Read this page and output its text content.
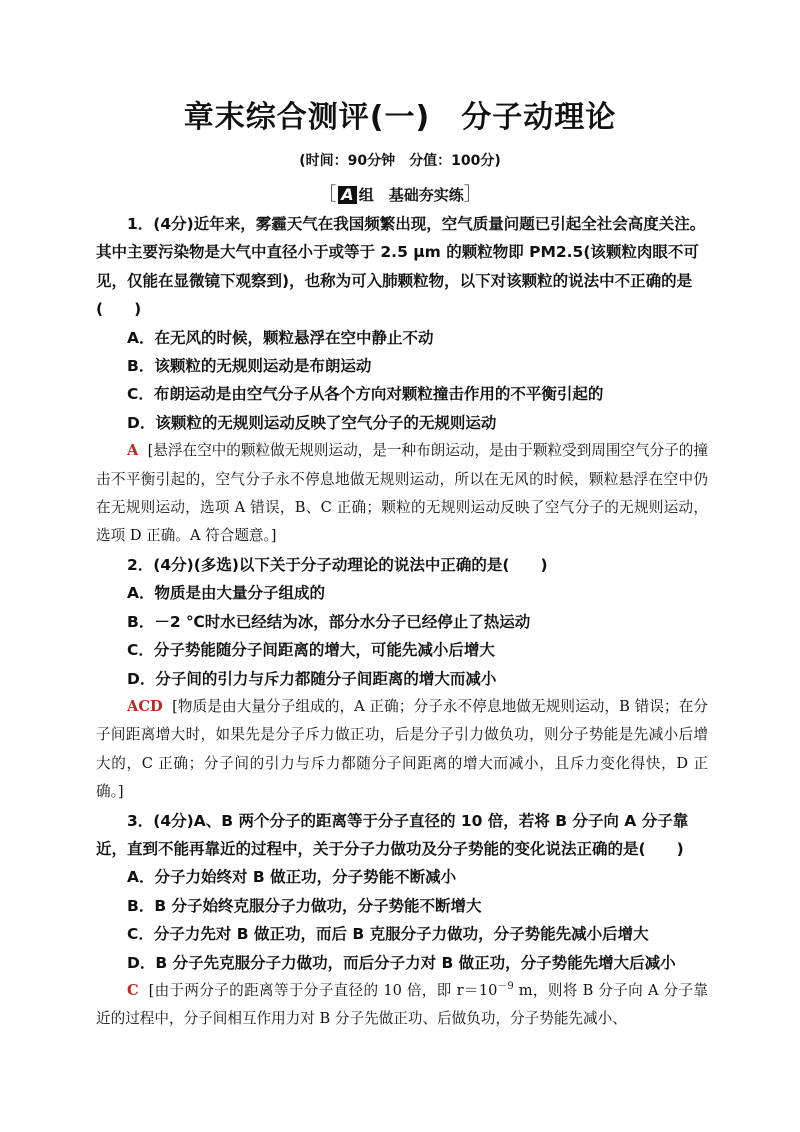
章末综合测评(一)　分子动理论
(时间：90分钟　分值：100分)
［ A 组　基础夯实练］

1．(4分)近年来，雾霾天气在我国频繁出现，空气质量问题已引起全社会高度关注。其中主要污染物是大气中直径小于或等于 2.5 μm 的颗粒物即 PM2.5(该颗粒肉眼不可见，仅能在显微镜下观察到)，也称为可入肺颗粒物，以下对该颗粒的说法中不正确的是(　　)

A．在无风的时候，颗粒悬浮在空中静止不动

B．该颗粒的无规则运动是布朗运动

C．布朗运动是由空气分子从各个方向对颗粒撞击作用的不平衡引起的

D．该颗粒的无规则运动反映了空气分子的无规则运动

A [悬浮在空中的颗粒做无规则运动，是一种布朗运动，是由于颗粒受到周围空气分子的撞击不平衡引起的，空气分子永不停息地做无规则运动，所以在无风的时候，颗粒悬浮在空中仍在无规则运动，选项 A 错误，B、C 正确；颗粒的无规则运动反映了空气分子的无规则运动，选项 D 正确。A 符合题意。]

2．(4分)(多选)以下关于分子动理论的说法中正确的是(　　)

A．物质是由大量分子组成的

B．－2 ℃时水已经结为冰，部分水分子已经停止了热运动

C．分子势能随分子间距离的增大，可能先减小后增大

D．分子间的引力与斥力都随分子间距离的增大而减小

ACD [物质是由大量分子组成的，A 正确；分子永不停息地做无规则运动，B 错误；在分子间距离增大时，如果先是分子斥力做正功，后是分子引力做负功，则分子势能是先减小后增大的，C 正确；分子间的引力与斥力都随分子间距离的增大而减小，且斥力变化得快，D 正确。]

3．(4分)A、B 两个分子的距离等于分子直径的 10 倍，若将 B 分子向 A 分子靠近，直到不能再靠近的过程中，关于分子力做功及分子势能的变化说法正确的是(　　)

A．分子力始终对 B 做正功，分子势能不断减小

B．B 分子始终克服分子力做功，分子势能不断增大

C．分子力先对 B 做正功，而后 B 克服分子力做功，分子势能先减小后增大

D．B 分子先克服分子力做功，而后分子力对 B 做正功，分子势能先增大后减小

C [由于两分子的距离等于分子直径的 10 倍，即 $r=10^{-9}$ m，则将 B 分子向 A 分子靠近的过程中，分子间相互作用力对 B 分子先做正功、后做负功，分子势能先减小、
